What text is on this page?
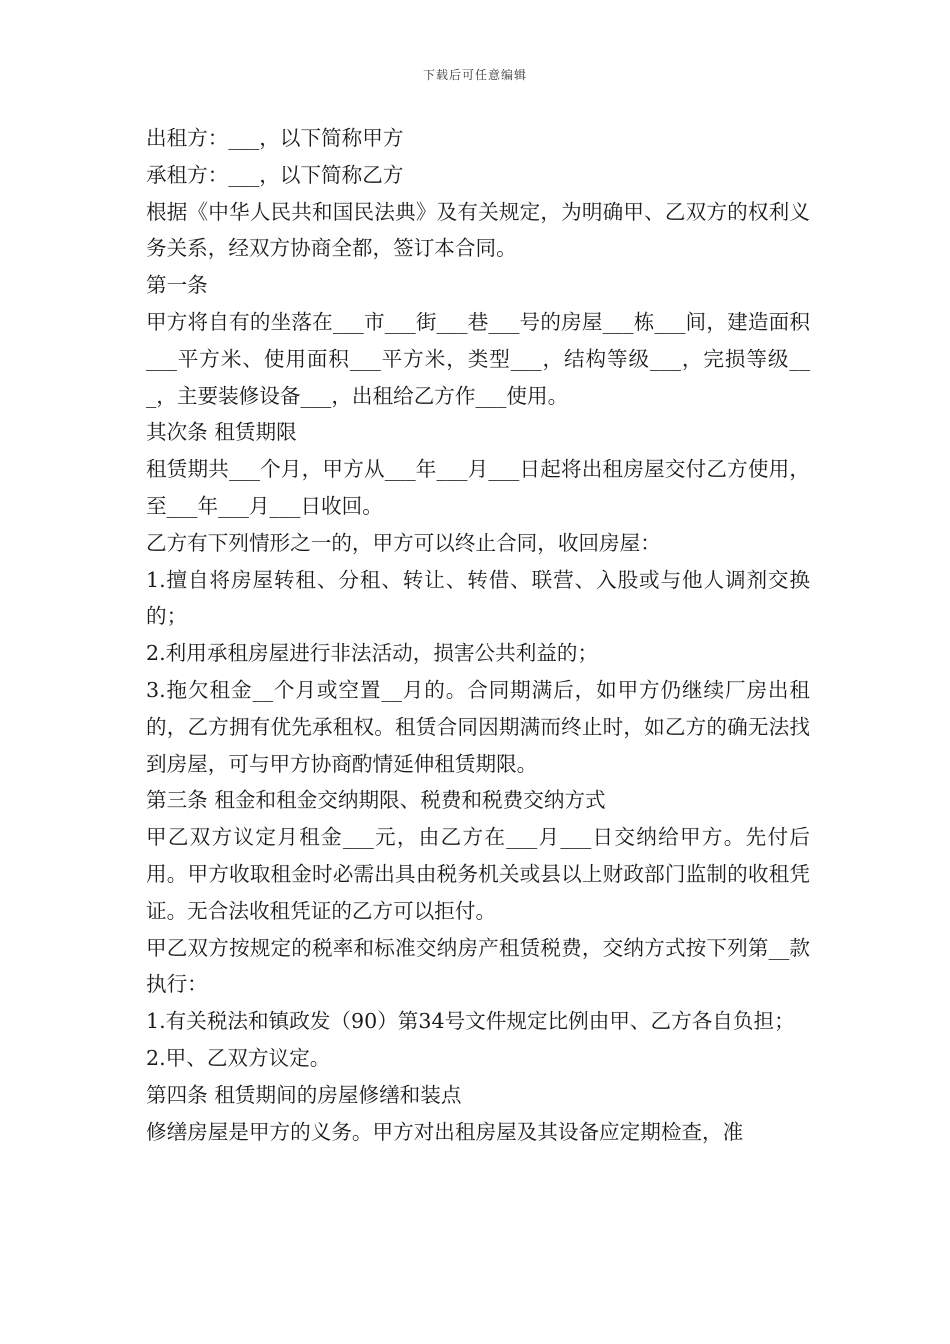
下载后可任意编辑

出租方：___，以下简称甲方

承租方：___，以下简称乙方

根据《中华人民共和国民法典》及有关规定，为明确甲、乙双方的权利义务关系，经双方协商全都，签订本合同。

第一条

甲方将自有的坐落在___市___街___巷___号的房屋___栋___间，建造面积___平方米、使用面积___平方米，类型___，结构等级___，完损等级___，主要装修设备___，出租给乙方作___使用。

其次条 租赁期限

租赁期共___个月，甲方从___年___月___日起将出租房屋交付乙方使用，至___年___月___日收回。

乙方有下列情形之一的，甲方可以终止合同，收回房屋：

1.擅自将房屋转租、分租、转让、转借、联营、入股或与他人调剂交换的；

2.利用承租房屋进行非法活动，损害公共利益的；

3.拖欠租金__个月或空置__月的。合同期满后，如甲方仍继续厂房出租的，乙方拥有优先承租权。租赁合同因期满而终止时，如乙方的确无法找到房屋，可与甲方协商酌情延伸租赁期限。

第三条 租金和租金交纳期限、税费和税费交纳方式

甲乙双方议定月租金___元，由乙方在___月___日交纳给甲方。先付后用。甲方收取租金时必需出具由税务机关或县以上财政部门监制的收租凭证。无合法收租凭证的乙方可以拒付。

甲乙双方按规定的税率和标准交纳房产租赁税费，交纳方式按下列第__款执行：

1.有关税法和镇政发（90）第34号文件规定比例由甲、乙方各自负担；

2.甲、乙双方议定。

第四条 租赁期间的房屋修缮和装点

修缮房屋是甲方的义务。甲方对出租房屋及其设备应定期检查，准
